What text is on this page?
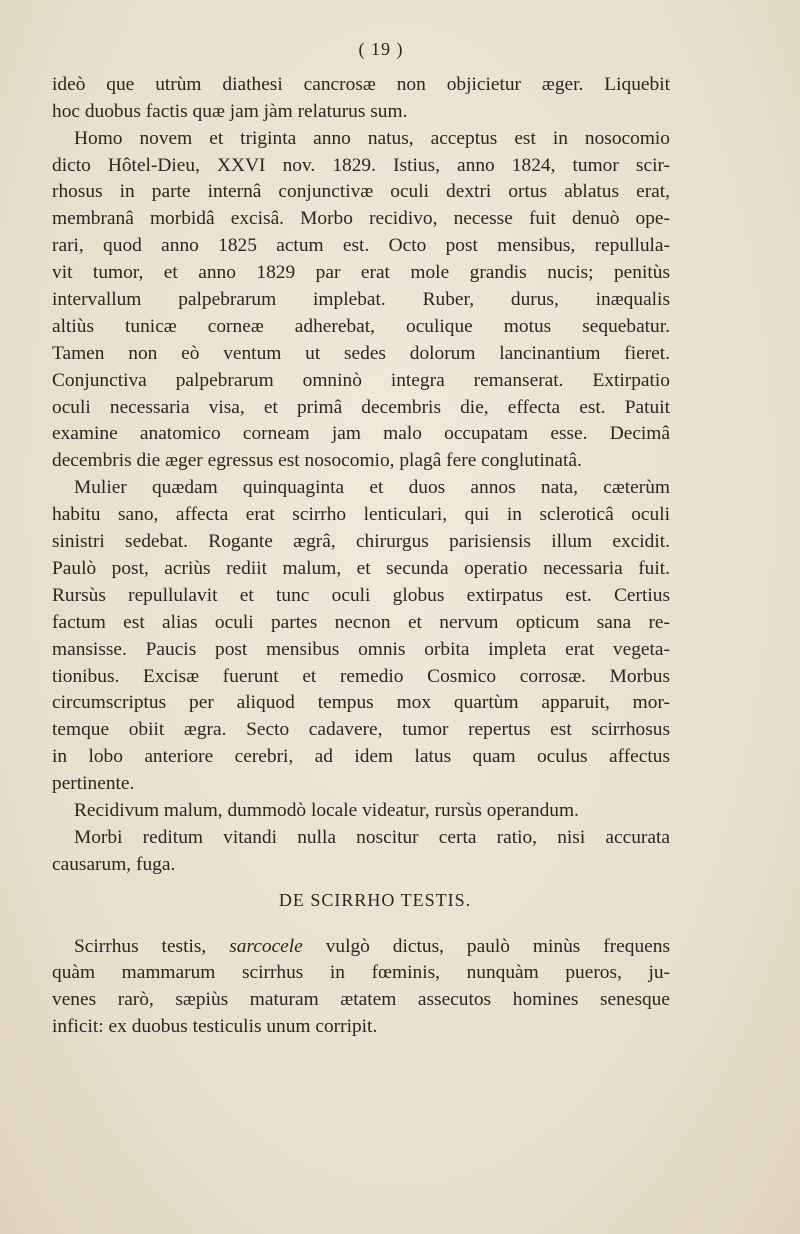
( 19 )
ideò que utrùm diathesi cancrosæ non objicietur æger. Liquebit
hoc duobus factis quæ jam jàm relaturus sum.
Homo novem et triginta anno natus, acceptus est in nosocomio
dicto Hôtel-Dieu, XXVI nov. 1829. Istius, anno 1824, tumor scir-
rhosus in parte internâ conjunctivæ oculi dextri ortus ablatus erat,
membranâ morbidâ excisâ. Morbo recidivo, necesse fuit denuò ope-
rari, quod anno 1825 actum est. Octo post mensibus, repullula-
vit tumor, et anno 1829 par erat mole grandis nucis; penitùs
intervallum palpebrarum implebat. Ruber, durus, inæqualis
altiùs tunicæ corneæ adherebat, oculique motus sequebatur.
Tamen non eò ventum ut sedes dolorum lancinantium fieret.
Conjunctiva palpebrarum omninò integra remanserat. Extirpatio
oculi necessaria visa, et primâ decembris die, effecta est. Patuit
examine anatomico corneam jam malo occupatam esse. Decimâ
decembris die æger egressus est nosocomio, plagâ fere conglutinatâ.
Mulier quædam quinquaginta et duos annos nata, cæterùm
habitu sano, affecta erat scirrho lenticulari, qui in scleroticâ oculi
sinistri sedebat. Rogante ægrâ, chirurgus parisiensis illum excidit.
Paulò post, acriùs rediit malum, et secunda operatio necessaria fuit.
Rursùs repullulavit et tunc oculi globus extirpatus est. Certius
factum est alias oculi partes necnon et nervum opticum sana re-
mansisse. Paucis post mensibus omnis orbita impleta erat vegeta-
tionibus. Excisæ fuerunt et remedio Cosmico corrosæ. Morbus
circumscriptus per aliquod tempus mox quartùm apparuit, mor-
temque obiit ægra. Secto cadavere, tumor repertus est scirrhosus
in lobo anteriore cerebri, ad idem latus quam oculus affectus
pertinente.
Recidivum malum, dummodò locale videatur, rursùs operandum.
Morbi reditum vitandi nulla noscitur certa ratio, nisi accurata
causarum, fuga.
DE SCIRRHO TESTIS.
Scirrhus testis, sarcocele vulgò dictus, paulò minùs frequens
quàm mammarum scirrhus in fœminis, nunquàm pueros, ju-
venes rarò, sæpiùs maturam ætatem assecutos homines senesque
inficit: ex duobus testiculis unum corripit.
